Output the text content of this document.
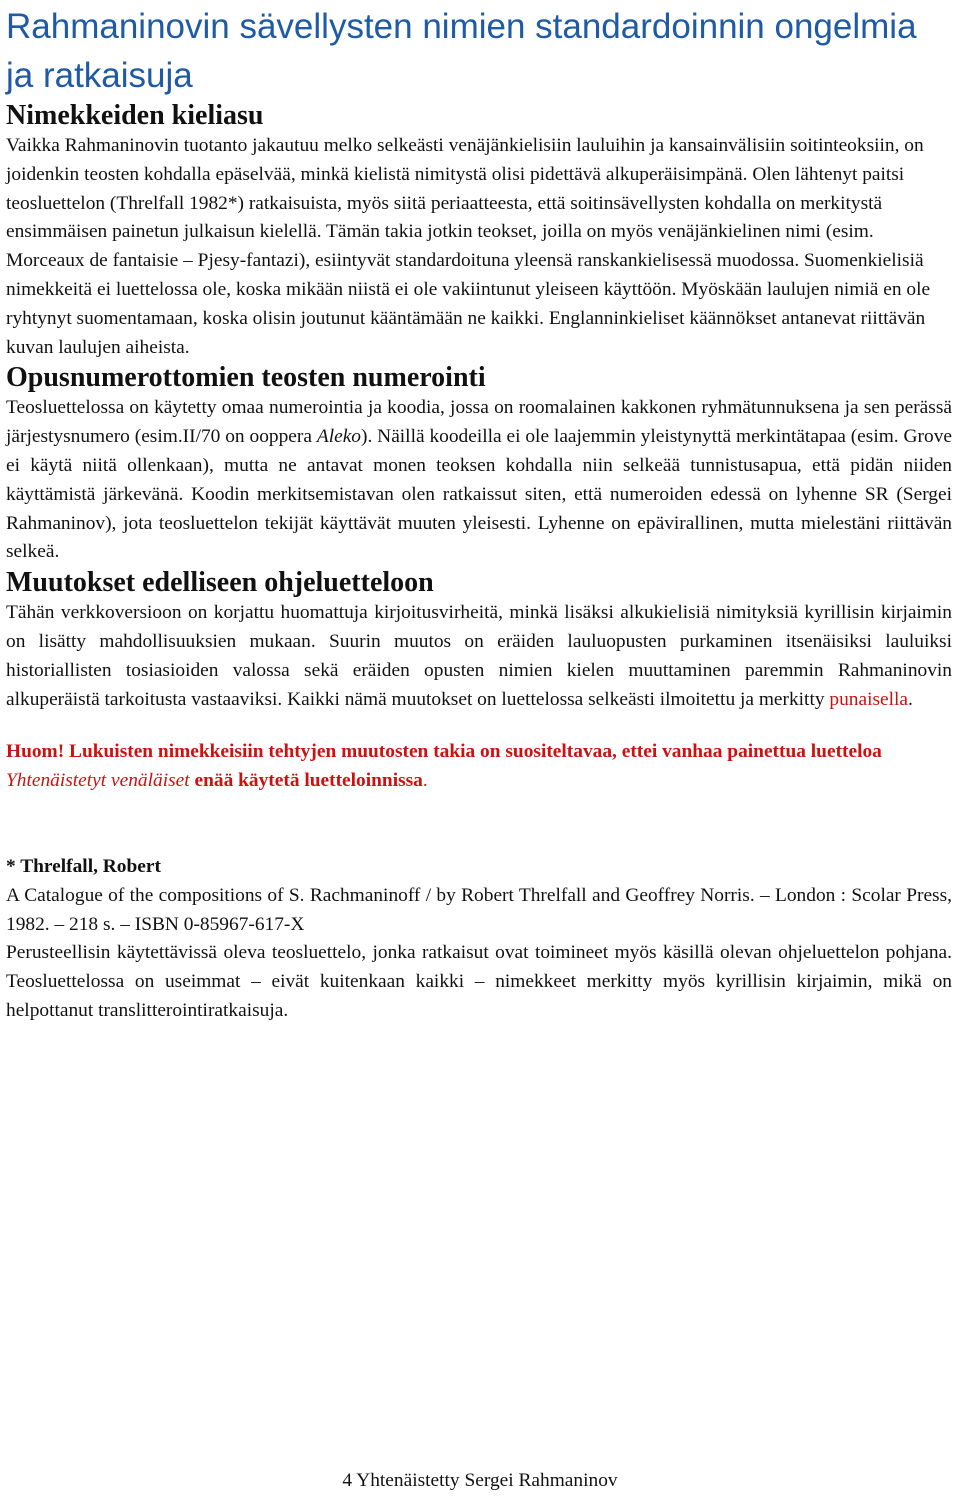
Rahmaninovin sävellysten nimien standardoinnin ongelmia ja ratkaisuja
Nimekkeiden kieliasu

Vaikka Rahmaninovin tuotanto jakautuu melko selkeästi venäjänkielisiin lauluihin ja kansainvälisiin soitinteoksiin, on joidenkin teosten kohdalla epäselvää, minkä kielistä nimitystä olisi pidettävä alkuperäisimpänä. Olen lähtenyt paitsi teosluettelon (Threlfall 1982*) ratkaisuista, myös siitä periaatteesta, että soitinsävellysten kohdalla on merkitystä ensimmäisen painetun julkaisun kielellä. Tämän takia jotkin teokset, joilla on myös venäjänkielinen nimi (esim. Morceaux de fantaisie – Pjesy-fantazi), esiintyvät standardoituna yleensä ranskankielisessä muodossa. Suomenkielisiä nimekkeitä ei luettelossa ole, koska mikään niistä ei ole vakiintunut yleiseen käyttöön. Myöskään laulujen nimiä en ole ryhtynyt suomentamaan, koska olisin joutunut kääntämään ne kaikki. Englanninkieliset käännökset antanevat riittävän kuvan laulujen aiheista.

Opusnumerottomien teosten numerointi

Teosluettelossa on käytetty omaa numerointia ja koodia, jossa on roomalainen kakkonen ryhmätunnuksena ja sen perässä järjestysnumero (esim.II/70 on ooppera Aleko). Näillä koodeilla ei ole laajemmin yleistynyttä merkintätapaa (esim. Grove ei käytä niitä ollenkaan), mutta ne antavat monen teoksen kohdalla niin selkeää tunnistusapua, että pidän niiden käyttämistä järkevänä. Koodin merkitsemistavan olen ratkaissut siten, että numeroiden edessä on lyhenne SR (Sergei Rahmaninov), jota teosluettelon tekijät käyttävät muuten yleisesti. Lyhenne on epävirallinen, mutta mielestäni riittävän selkeä.

Muutokset edelliseen ohjeluetteloon

Tähän verkkoversioon on korjattu huomattuja kirjoitusvirheitä, minkä lisäksi alkukielisiä nimityksiä kyrillisin kirjaimin on lisätty mahdollisuuksien mukaan. Suurin muutos on eräiden lauluopusten purkaminen itsenäisiksi lauluiksi historiallisten tosiasioiden valossa sekä eräiden opusten nimien kielen muuttaminen paremmin Rahmaninovin alkuperäistä tarkoitusta vastaaviksi. Kaikki nämä muutokset on luettelossa selkeästi ilmoitettu ja merkitty punaisella.

Huom! Lukuisten nimekkeisiin tehtyjen muutosten takia on suositeltavaa, ettei vanhaa painettua luetteloa Yhtenäistetyt venäläiset enää käytetä luetteloinnissa.
* Threlfall, Robert

A Catalogue of the compositions of S. Rachmaninoff / by Robert Threlfall and Geoffrey Norris. – London : Scolar Press, 1982. – 218 s. – ISBN 0-85967-617-X

Perusteellisin käytettävissä oleva teosluettelo, jonka ratkaisut ovat toimineet myös käsillä olevan ohjeluettelon pohjana. Teosluettelossa on useimmat – eivät kuitenkaan kaikki – nimekkeet merkitty myös kyrillisin kirjaimin, mikä on helpottanut translitterointiratkaisuja.

4 Yhtenäistetty Sergei Rahmaninov
